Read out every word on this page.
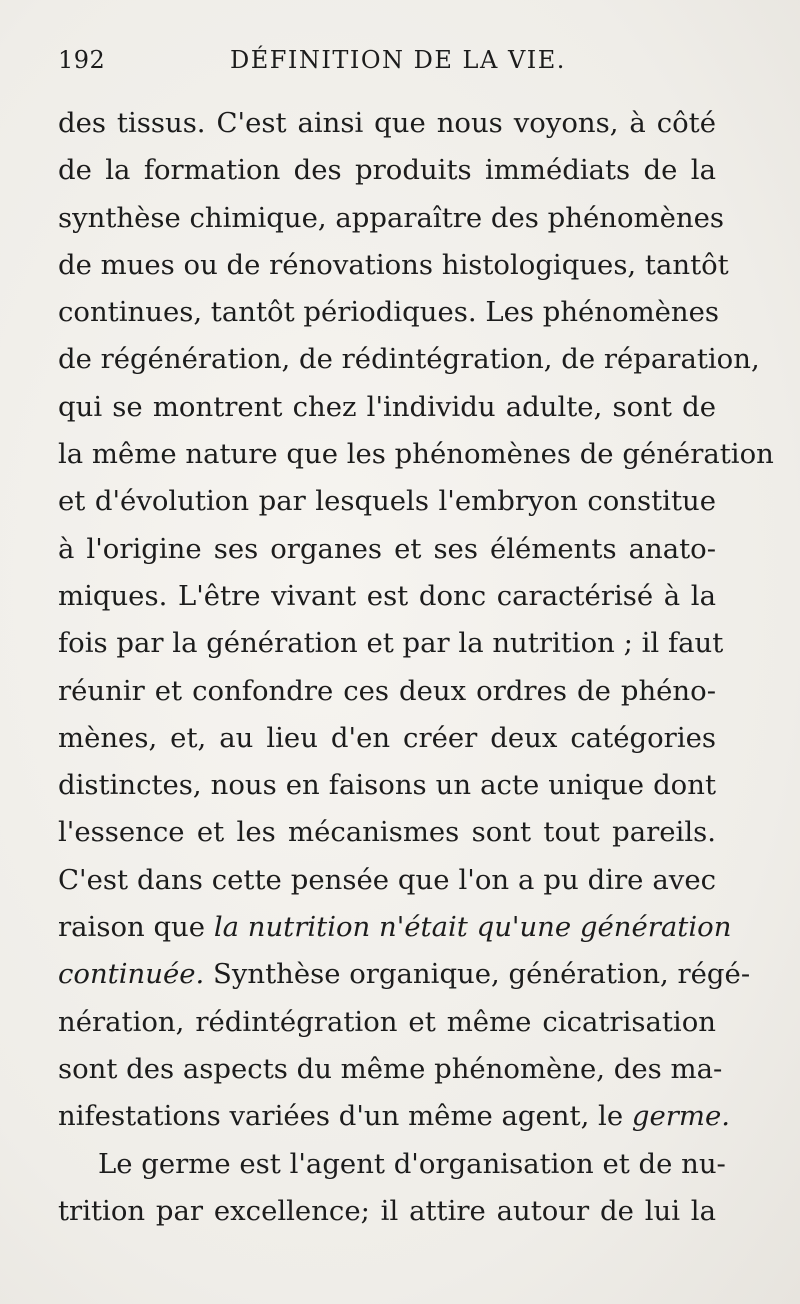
192	DÉFINITION DE LA VIE.
des tissus. C'est ainsi que nous voyons, à côté
de la formation des produits immédiats de la
synthèse chimique, apparaître des phénomènes
de mues ou de rénovations histologiques, tantôt
continues, tantôt périodiques. Les phénomènes
de régénération, de rédintégration, de réparation,
qui se montrent chez l'individu adulte, sont de
la même nature que les phénomènes de génération
et d'évolution par lesquels l'embryon constitue
à l'origine ses organes et ses éléments anato-
miques. L'être vivant est donc caractérisé à la
fois par la génération et par la nutrition ; il faut
réunir et confondre ces deux ordres de phéno-
mènes, et, au lieu d'en créer deux catégories
distinctes, nous en faisons un acte unique dont
l'essence et les mécanismes sont tout pareils.
C'est dans cette pensée que l'on a pu dire avec
raison que la nutrition n'était qu'une génération
continuée. Synthèse organique, génération, régé-
nération, rédintégration et même cicatrisation
sont des aspects du même phénomène, des ma-
nifestations variées d'un même agent, le germe.
Le germe est l'agent d'organisation et de nu-
trition par excellence; il attire autour de lui la
